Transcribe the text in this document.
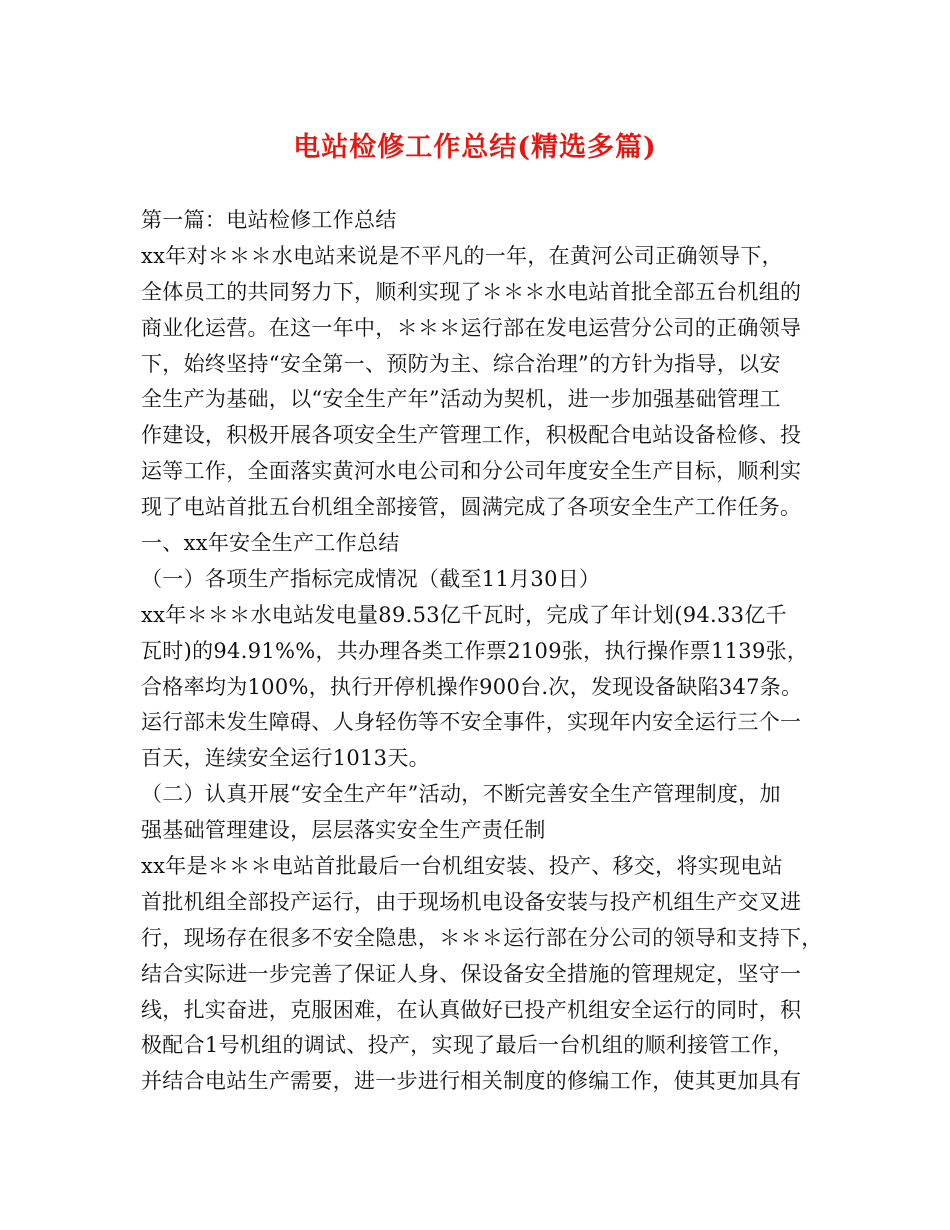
电站检修工作总结(精选多篇)
第一篇：电站检修工作总结
xx年对＊＊＊水电站来说是不平凡的一年，在黄河公司正确领导下，
全体员工的共同努力下，顺利实现了＊＊＊水电站首批全部五台机组的
商业化运营。在这一年中，＊＊＊运行部在发电运营分公司的正确领导
下，始终坚持“安全第一、预防为主、综合治理”的方针为指导，以安
全生产为基础，以“安全生产年”活动为契机，进一步加强基础管理工
作建设，积极开展各项安全生产管理工作，积极配合电站设备检修、投
运等工作，全面落实黄河水电公司和分公司年度安全生产目标，顺利实
现了电站首批五台机组全部接管，圆满完成了各项安全生产工作任务。
一、xx年安全生产工作总结
（一）各项生产指标完成情况（截至11月30日）
xx年＊＊＊水电站发电量89.53亿千瓦时，完成了年计划(94.33亿千
瓦时)的94.91%%，共办理各类工作票2109张，执行操作票1139张，
合格率均为100%，执行开停机操作900台.次，发现设备缺陷347条。
运行部未发生障碍、人身轻伤等不安全事件，实现年内安全运行三个一
百天，连续安全运行1013天。
（二）认真开展“安全生产年”活动，不断完善安全生产管理制度，加
强基础管理建设，层层落实安全生产责任制
xx年是＊＊＊电站首批最后一台机组安装、投产、移交，将实现电站
首批机组全部投产运行，由于现场机电设备安装与投产机组生产交叉进
行，现场存在很多不安全隐患，＊＊＊运行部在分公司的领导和支持下，
结合实际进一步完善了保证人身、保设备安全措施的管理规定，坚守一
线，扎实奋进，克服困难，在认真做好已投产机组安全运行的同时，积
极配合1号机组的调试、投产，实现了最后一台机组的顺利接管工作，
并结合电站生产需要，进一步进行相关制度的修编工作，使其更加具有
